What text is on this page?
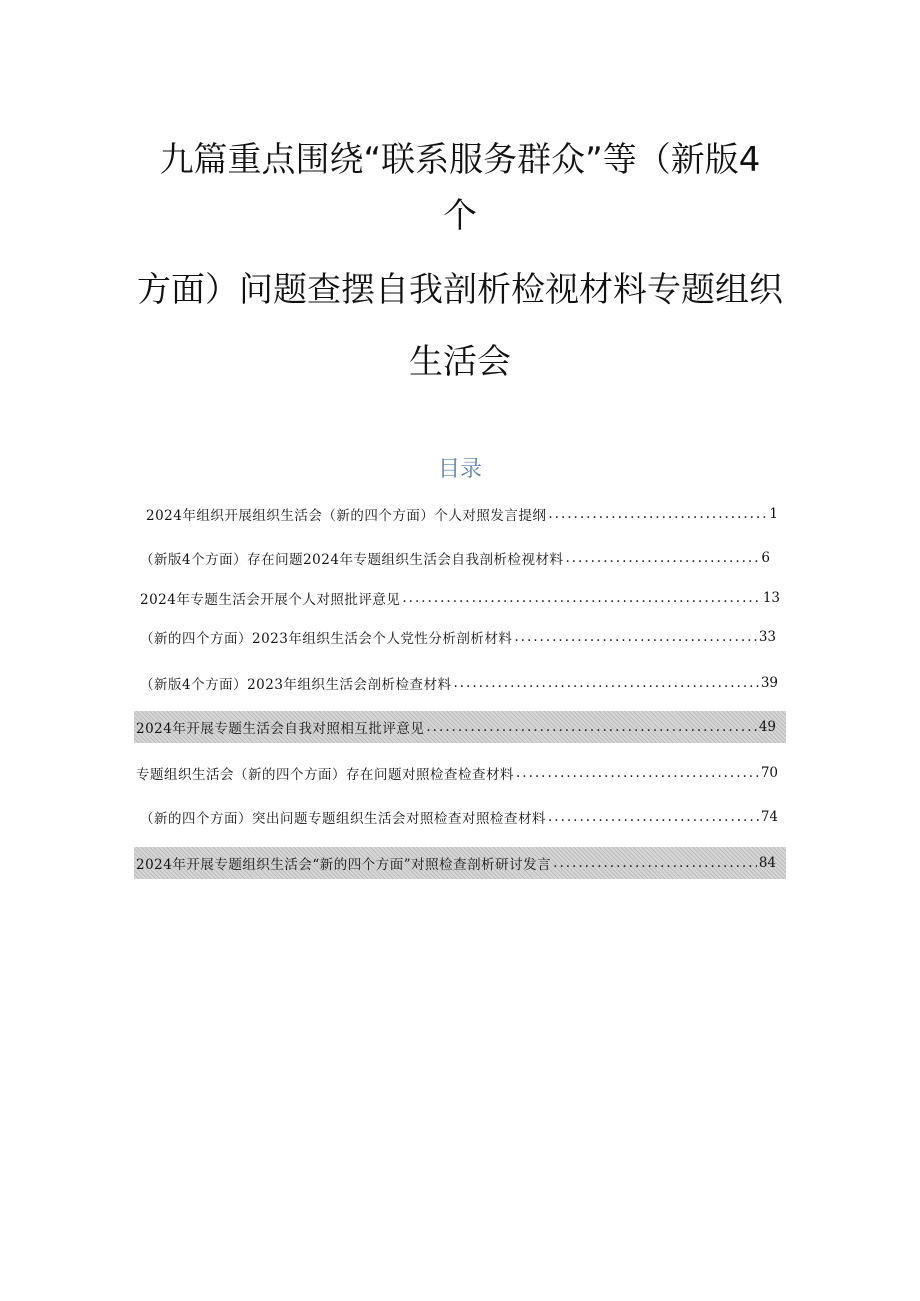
九篇重点围绕“联系服务群众”等（新版4
个
方面）问题查摆自我剖析检视材料专题组织
生活会
目录
2024年组织开展组织生活会（新的四个方面）个人对照发言提纲 .....	1
（新版4个方面）存在问题2024年专题组织生活会自我剖析检视材料 .....	6
2024年专题生活会开展个人对照批评意见 .....	13
（新的四个方面）2023年组织生活会个人党性分析剖析材料 .....	33
（新版4个方面）2023年组织生活会剖析检查材料 .....	39
2024年开展专题生活会自我对照相互批评意见 .....	49
专题组织生活会（新的四个方面）存在问题对照检查检查材料 .....	70
（新的四个方面）突出问题专题组织生活会对照检查对照检查材料 .....	74
2024年开展专题组织生活会“新的四个方面”对照检查剖析研讨发言 .....	84
